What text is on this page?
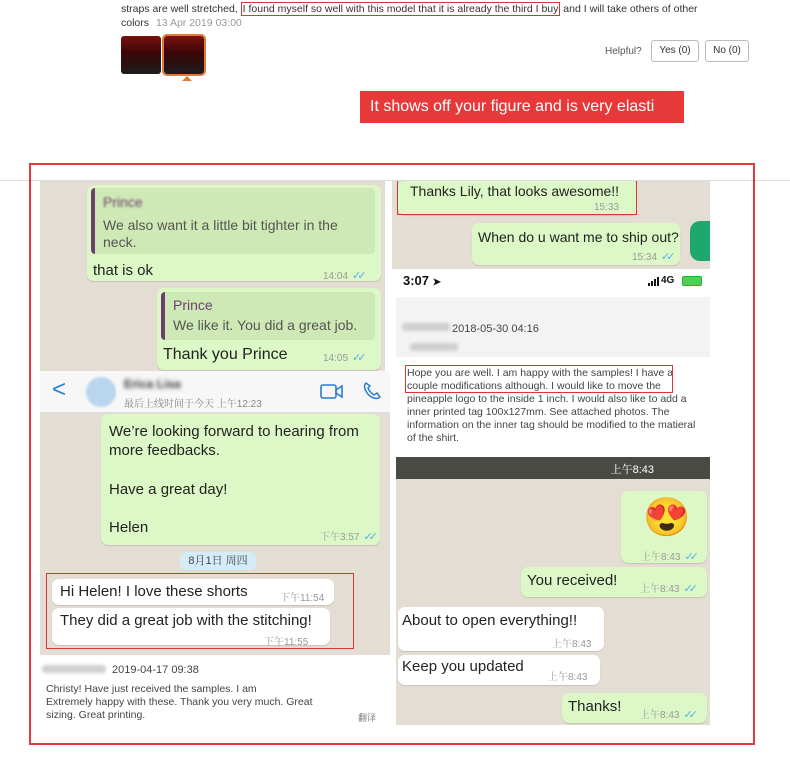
straps are well stretched, I found myself so well with this model that it is already the third I buy and I will take others of other colors 13 Apr 2019 03:00
Helpful?	Yes (0)	No (0)
It shows off your figure and is very elasti
Prince
We also want it a little bit tighter in the neck.
that is ok	14:04 ✓✓
Prince
We like it. You did a great job.
Thank you Prince	14:05 ✓✓
Thanks Lily, that looks awesome!!
15:33
When do u want me to ship out?
15:34 ✓✓
3:07 ➤	4G
2018-05-30 04:16
Hope you are well. I am happy with the samples! I have a
couple modifications although. I would like to move the
pineapple logo to the inside 1 inch. I would also like to add a
inner printed tag 100x127mm. See attached photos. The
information on the inner tag should be modified to the matieral
of the shirt.
上午8:43
<	Erica Lisa
最后上线时间于今天 上午12:23
We’re looking forward to hearing from
more feedbacks.
Have a great day!
Helen
下午3:57 ✓✓
8月1日 周四
Hi Helen! I love these shorts	下午11:54
They did a great job with the stitching!
下午11:55
😍
上午8:43 ✓✓
You received!
上午8:43 ✓✓
About to open everything!!
上午8:43
Keep you updated
上午8:43
Thanks!
上午8:43 ✓✓
2019-04-17 09:38
Christy! Have just received the samples. I am
Extremely happy with these. Thank you very much. Great
sizing. Great printing.	翻译
